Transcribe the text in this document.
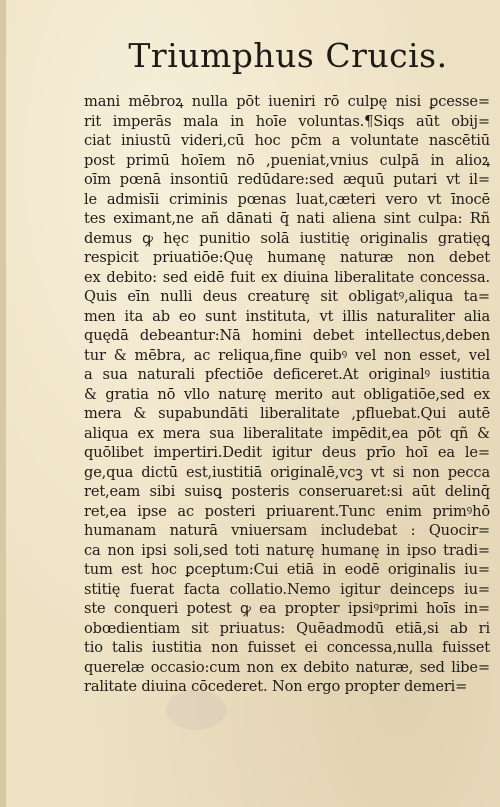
Triumphus Crucis.
mani mēbroꝝ nulla pōt iueniri rō culpę nisi ꝑcesse=
rit imperās mala in hoīe voluntas.¶Siqs aūt obij=
ciat iniustū videri,cū hoc pc̄m a voluntate nascētiū
post primū hoīem nō ,pueniat,vnius culpā in alioꝝ
oīm pœnā insontiū redūdare:sed æquū putari vt il=
le admisīi criminis pœnas luat,cæteri vero vt īnocē
tes eximant,ne añ dānati q̄ nati aliena sint culpa: Rñ
demus ꝙ hęc punitio solā iustitię originalis gratięꝗ
respicit priuatiōe:Quę humanę naturæ non debet
ex debito: sed eidē fuit ex diuina liberalitate concessa.
Quis eīn nulli deus creaturę sit obligatꝰ,aliqua ta=
men ita ab eo sunt instituta, vt illis naturaliter alia
quędā debeantur:Nā homini debet intellectus,deben
tur & mēbra, ac reliqua,fine quibꝰ vel non esset, vel
a sua naturali pfectiōe deficeret.At originalꝰ iustitia
& gratia nō vllo naturę merito aut obligatiōe,sed ex
mera & supabundāti liberalitate ,pfluebat.Qui autē
aliqua ex mera sua liberalitate impēdit,ea pōt qñ &
quōlibet impertiri.Dedit igitur deus prīo hoī ea le=
ge,qua dictū est,iustitiā originalē,vcꝫ vt si non pecca
ret,eam sibi suisꝗ posteris conseruaret:si aūt delinq̄
ret,ea ipse ac posteri priuarent.Tunc enim primꝰhō
humanam naturā vniuersam includebat : Quocir=
ca non ipsi soli,sed toti naturę humanę in ipso tradi=
tum est hoc ꝑceptum:Cui etiā in eodē originalis iu=
stitię fuerat facta collatio.Nemo igitur deinceps iu=
ste conqueri potest ꝙ ea propter ipsiꝰprimi hoīs in=
obœdientiam sit priuatus: Quēadmodū etiā,si ab ri
tio talis iustitia non fuisset ei concessa,nulla fuisset
querelæ occasio:cum non ex debito naturæ, sed libe=
ralitate diuina cōcederet. Non ergo propter demeri=
